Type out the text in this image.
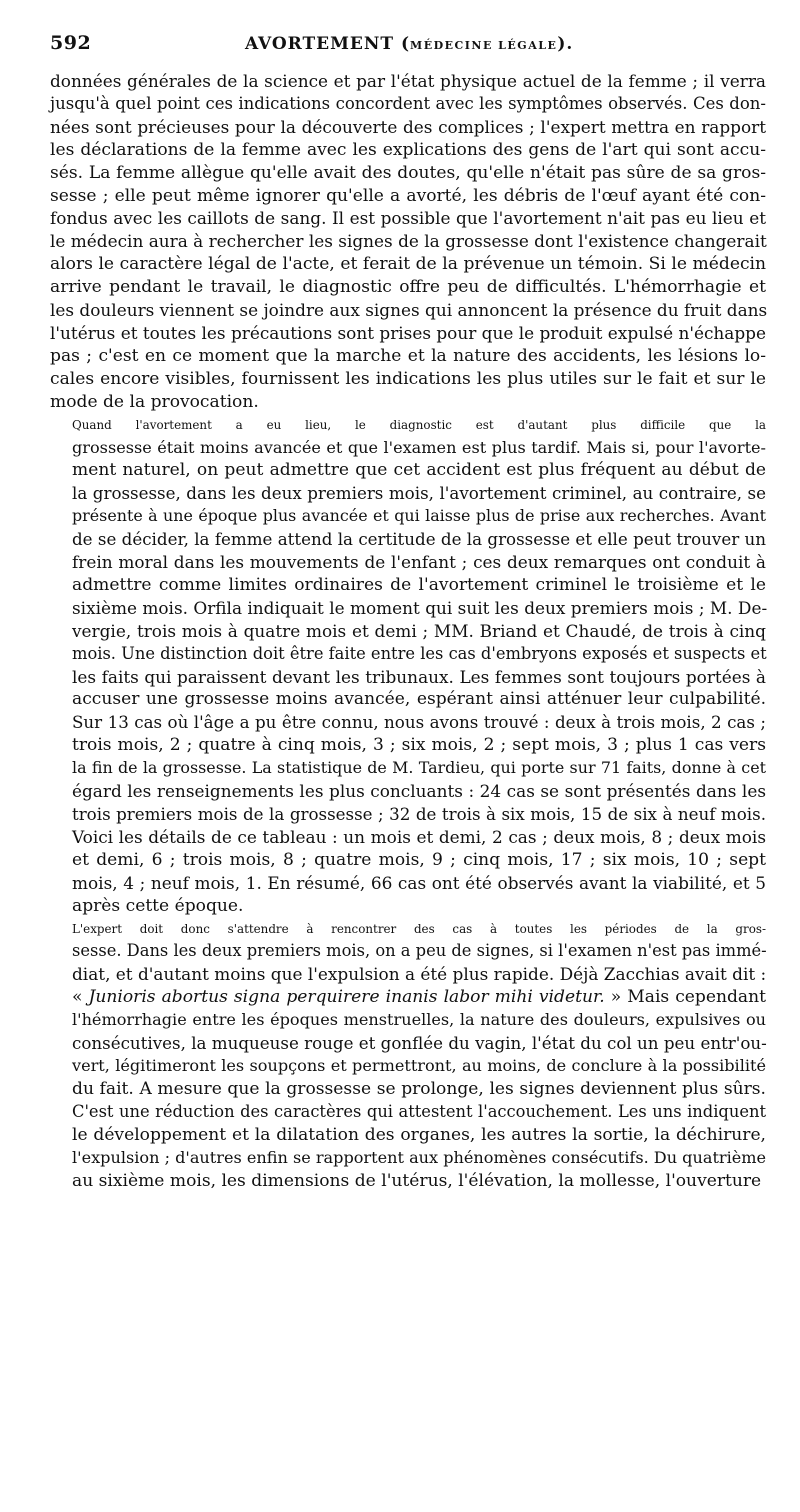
592	AVORTEMENT (MÉDECINE LÉGALE).

données générales de la science et par l'état physique actuel de la femme ; il verra
jusqu'à quel point ces indications concordent avec les symptômes observés. Ces don-
nées sont précieuses pour la découverte des complices ; l'expert mettra en rapport
les déclarations de la femme avec les explications des gens de l'art qui sont accu-
sés. La femme allègue qu'elle avait des doutes, qu'elle n'était pas sûre de sa gros-
sesse ; elle peut même ignorer qu'elle a avorté, les débris de l'œuf ayant été con-
fondus avec les caillots de sang. Il est possible que l'avortement n'ait pas eu lieu et
le médecin aura à rechercher les signes de la grossesse dont l'existence changerait
alors le caractère légal de l'acte, et ferait de la prévenue un témoin. Si le médecin
arrive pendant le travail, le diagnostic offre peu de difficultés. L'hémorrhagie et
les douleurs viennent se joindre aux signes qui annoncent la présence du fruit dans
l'utérus et toutes les précautions sont prises pour que le produit expulsé n'échappe
pas ; c'est en ce moment que la marche et la nature des accidents, les lésions lo-
cales encore visibles, fournissent les indications les plus utiles sur le fait et sur le
mode de la provocation.

Quand l'avortement a eu lieu, le diagnostic est d'autant plus difficile que la
grossesse était moins avancée et que l'examen est plus tardif. Mais si, pour l'avorte-
ment naturel, on peut admettre que cet accident est plus fréquent au début de
la grossesse, dans les deux premiers mois, l'avortement criminel, au contraire, se
présente à une époque plus avancée et qui laisse plus de prise aux recherches. Avant
de se décider, la femme attend la certitude de la grossesse et elle peut trouver un
frein moral dans les mouvements de l'enfant ; ces deux remarques ont conduit à
admettre comme limites ordinaires de l'avortement criminel le troisième et le
sixième mois. Orfila indiquait le moment qui suit les deux premiers mois ; M. De-
vergie, trois mois à quatre mois et demi ; MM. Briand et Chaudé, de trois à cinq
mois. Une distinction doit être faite entre les cas d'embryons exposés et suspects et
les faits qui paraissent devant les tribunaux. Les femmes sont toujours portées à
accuser une grossesse moins avancée, espérant ainsi atténuer leur culpabilité.
Sur 13 cas où l'âge a pu être connu, nous avons trouvé : deux à trois mois, 2 cas ;
trois mois, 2 ; quatre à cinq mois, 3 ; six mois, 2 ; sept mois, 3 ; plus 1 cas vers
la fin de la grossesse. La statistique de M. Tardieu, qui porte sur 71 faits, donne à cet
égard les renseignements les plus concluants : 24 cas se sont présentés dans les
trois premiers mois de la grossesse ; 32 de trois à six mois, 15 de six à neuf mois.
Voici les détails de ce tableau : un mois et demi, 2 cas ; deux mois, 8 ; deux mois
et demi, 6 ; trois mois, 8 ; quatre mois, 9 ; cinq mois, 17 ; six mois, 10 ; sept
mois, 4 ; neuf mois, 1. En résumé, 66 cas ont été observés avant la viabilité, et 5
après cette époque.

L'expert doit donc s'attendre à rencontrer des cas à toutes les périodes de la gros-
sesse. Dans les deux premiers mois, on a peu de signes, si l'examen n'est pas immé-
diat, et d'autant moins que l'expulsion a été plus rapide. Déjà Zacchias avait dit :
« Junioris abortus signa perquirere inanis labor mihi videtur. » Mais cependant
l'hémorrhagie entre les époques menstruelles, la nature des douleurs, expulsives ou
consécutives, la muqueuse rouge et gonflée du vagin, l'état du col un peu entr'ou-
vert, légitimeront les soupçons et permettront, au moins, de conclure à la possibilité
du fait. A mesure que la grossesse se prolonge, les signes deviennent plus sûrs.
C'est une réduction des caractères qui attestent l'accouchement. Les uns indiquent
le développement et la dilatation des organes, les autres la sortie, la déchirure,
l'expulsion ; d'autres enfin se rapportent aux phénomènes consécutifs. Du quatrième
au sixième mois, les dimensions de l'utérus, l'élévation, la mollesse, l'ouverture
